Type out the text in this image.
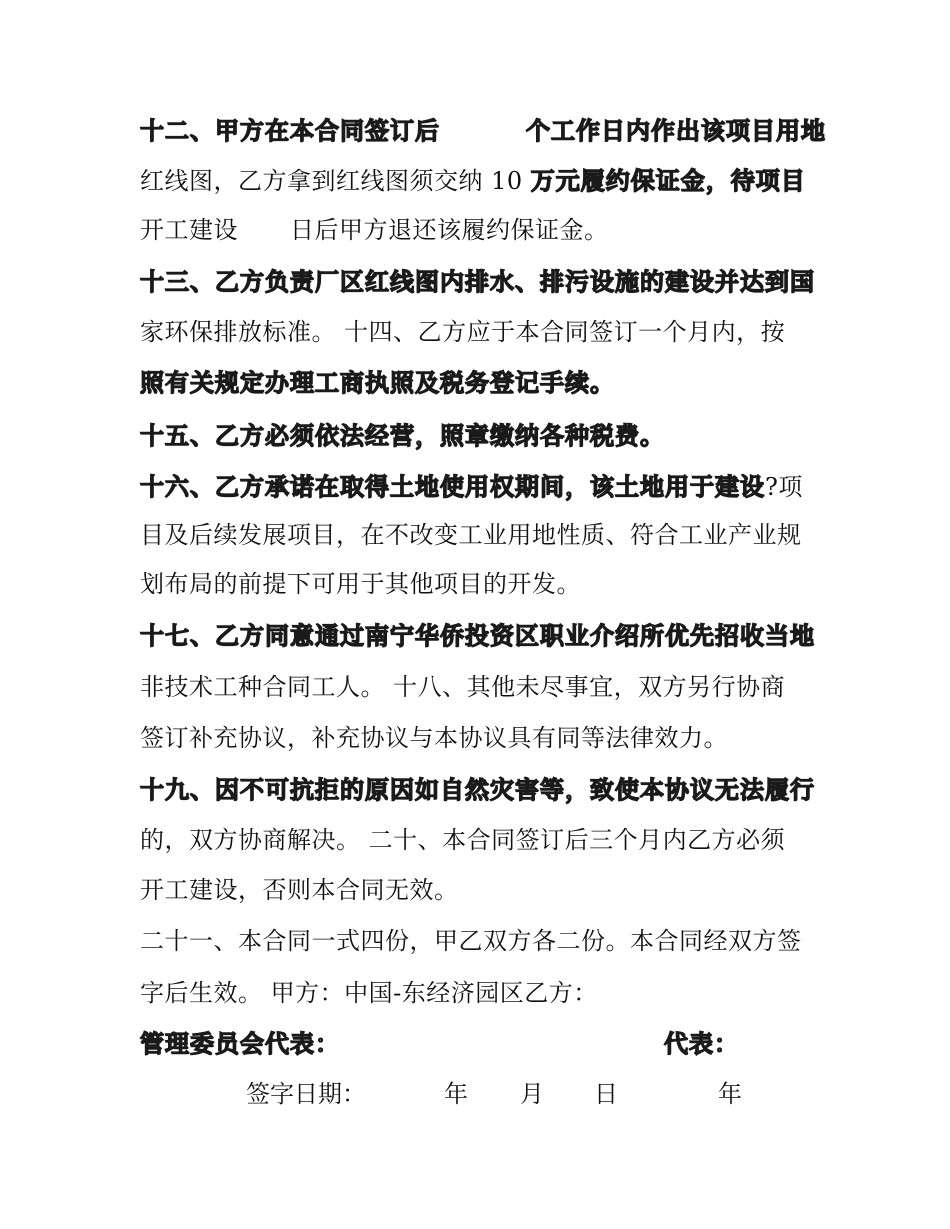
十二、甲方在本合同签订后	个工作日内作出该项目用地
红线图，乙方拿到红线图须交纳 10 万元履约保证金，待项目
开工建设 日后甲方退还该履约保证金。
十三、乙方负责厂区红线图内排水、排污设施的建设并达到国
家环保排放标准。 十四、乙方应于本合同签订一个月内，按
照有关规定办理工商执照及税务登记手续。
十五、乙方必须依法经营，照章缴纳各种税费。
十六、乙方承诺在取得土地使用权期间，该土地用于建设?项
目及后续发展项目，在不改变工业用地性质、符合工业产业规
划布局的前提下可用于其他项目的开发。
十七、乙方同意通过南宁华侨投资区职业介绍所优先招收当地
非技术工种合同工人。 十八、其他未尽事宜，双方另行协商
签订补充协议，补充协议与本协议具有同等法律效力。
十九、因不可抗拒的原因如自然灾害等，致使本协议无法履行
的，双方协商解决。 二十、本合同签订后三个月内乙方必须
开工建设，否则本合同无效。
二十一、本合同一式四份，甲乙双方各二份。本合同经双方签
字后生效。 甲方：中国-东经济园区乙方：
管理委员会代表：	代表：
签字日期：	年 月 日	年
